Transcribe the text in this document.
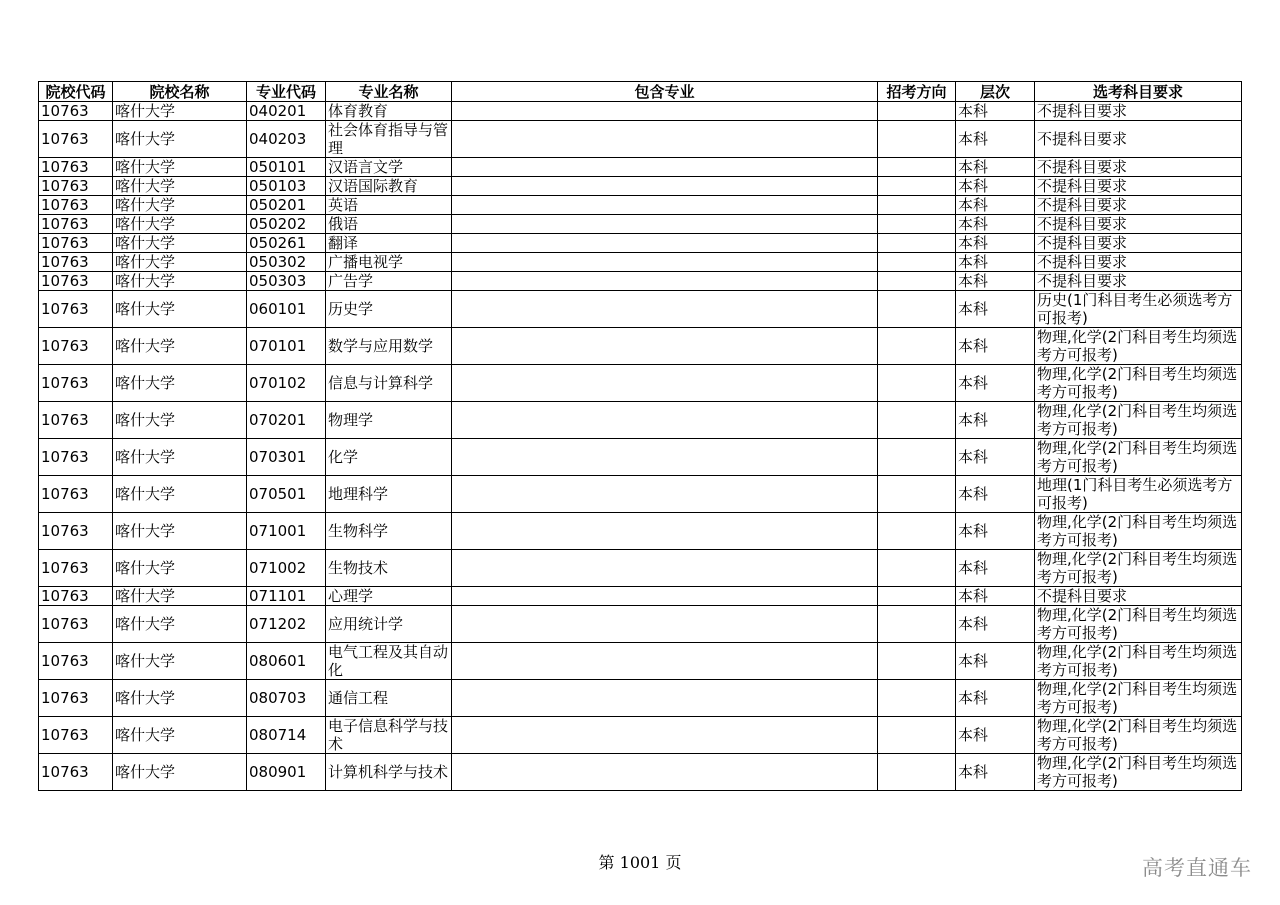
院校代码	院校名称	专业代码	专业名称	包含专业	招考方向	层次	选考科目要求
10763	喀什大学	040201	体育教育			本科	不提科目要求
10763	喀什大学	040203	社会体育指导与管理			本科	不提科目要求
10763	喀什大学	050101	汉语言文学			本科	不提科目要求
10763	喀什大学	050103	汉语国际教育			本科	不提科目要求
10763	喀什大学	050201	英语			本科	不提科目要求
10763	喀什大学	050202	俄语			本科	不提科目要求
10763	喀什大学	050261	翻译			本科	不提科目要求
10763	喀什大学	050302	广播电视学			本科	不提科目要求
10763	喀什大学	050303	广告学			本科	不提科目要求
10763	喀什大学	060101	历史学			本科	历史(1门科目考生必须选考方可报考)
10763	喀什大学	070101	数学与应用数学			本科	物理,化学(2门科目考生均须选考方可报考)
10763	喀什大学	070102	信息与计算科学			本科	物理,化学(2门科目考生均须选考方可报考)
10763	喀什大学	070201	物理学			本科	物理,化学(2门科目考生均须选考方可报考)
10763	喀什大学	070301	化学			本科	物理,化学(2门科目考生均须选考方可报考)
10763	喀什大学	070501	地理科学			本科	地理(1门科目考生必须选考方可报考)
10763	喀什大学	071001	生物科学			本科	物理,化学(2门科目考生均须选考方可报考)
10763	喀什大学	071002	生物技术			本科	物理,化学(2门科目考生均须选考方可报考)
10763	喀什大学	071101	心理学			本科	不提科目要求
10763	喀什大学	071202	应用统计学			本科	物理,化学(2门科目考生均须选考方可报考)
10763	喀什大学	080601	电气工程及其自动化			本科	物理,化学(2门科目考生均须选考方可报考)
10763	喀什大学	080703	通信工程			本科	物理,化学(2门科目考生均须选考方可报考)
10763	喀什大学	080714	电子信息科学与技术			本科	物理,化学(2门科目考生均须选考方可报考)
10763	喀什大学	080901	计算机科学与技术			本科	物理,化学(2门科目考生均须选考方可报考)
第 1001 页	高考直通车
